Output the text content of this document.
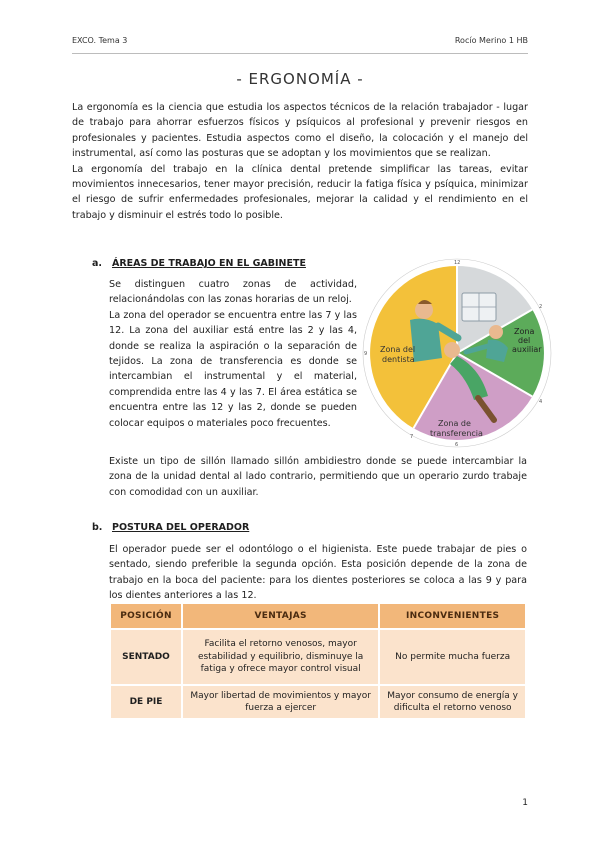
EXCO. Tema 3	Rocío Merino 1 HB
- ERGONOMÍA -

La ergonomía es la ciencia que estudia los aspectos técnicos de la relación trabajador - lugar de trabajo para ahorrar esfuerzos físicos y psíquicos al profesional y prevenir riesgos en profesionales y pacientes. Estudia aspectos como el diseño, la colocación y el manejo del instrumental, así como las posturas que se adoptan y los movimientos que se realizan.

La ergonomía del trabajo en la clínica dental pretende simplificar las tareas, evitar movimientos innecesarios, tener mayor precisión, reducir la fatiga física y psíquica, minimizar el riesgo de sufrir enfermedades profesionales, mejorar la calidad y el rendimiento en el trabajo y disminuir el estrés todo lo posible.

a. ÁREAS DE TRABAJO EN EL GABINETE

Se distinguen cuatro zonas de actividad, relacionándolas con las zonas horarias de un reloj.

La zona del operador se encuentra entre las 7 y las 12. La zona del auxiliar está entre las 2 y las 4, donde se realiza la aspiración o la separación de tejidos. La zona de transferencia es donde se intercambian el instrumental y el material, comprendida entre las 4 y las 7. El área estática se encuentra entre las 12 y las 2, donde se pueden colocar equipos o materiales poco frecuentes.

Zona del
dentista
Zona
del
auxiliar
Zona de
transferencia
12
2
4
6
7
9

Existe un tipo de sillón llamado sillón ambidiestro donde se puede intercambiar la zona de la unidad dental al lado contrario, permitiendo que un operario zurdo trabaje con comodidad con un auxiliar.

b. POSTURA DEL OPERADOR

El operador puede ser el odontólogo o el higienista. Este puede trabajar de pies o sentado, siendo preferible la segunda opción. Esta posición depende de la zona de trabajo en la boca del paciente: para los dientes posteriores se coloca a las 9 y para los dientes anteriores a las 12.

POSICIÓN	VENTAJAS	INCONVENIENTES
SENTADO	Facilita el retorno venosos, mayor estabilidad y equilibrio, disminuye la fatiga y ofrece mayor control visual	No permite mucha fuerza
DE PIE	Mayor libertad de movimientos y mayor fuerza a ejercer	Mayor consumo de energía y dificulta el retorno venoso
1
